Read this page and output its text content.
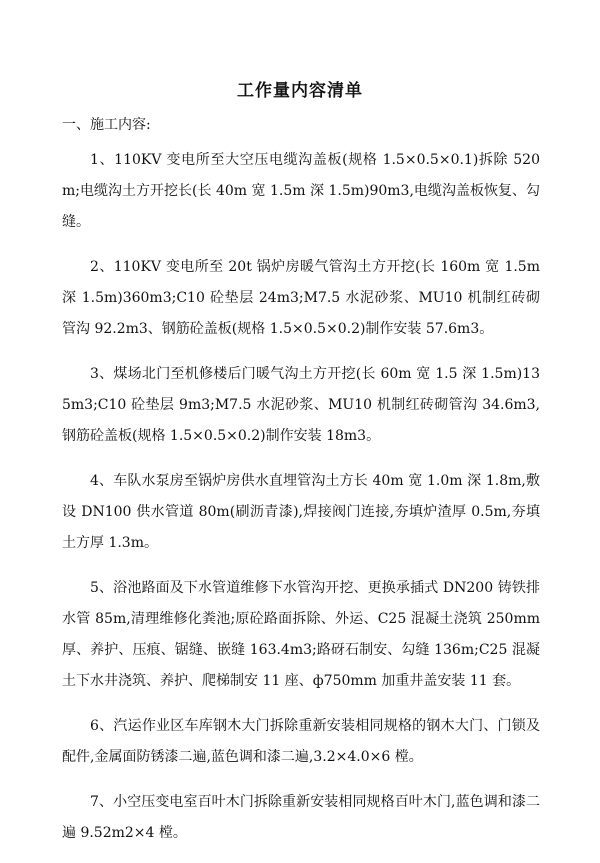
工作量内容清单
一、施工内容:

1、110KV 变电所至大空压电缆沟盖板(规格 1.5×0.5×0.1)拆除 520m;电缆沟土方开挖长(长 40m 宽 1.5m 深 1.5m)90m3,电缆沟盖板恢复、勾缝。

2、110KV 变电所至 20t 锅炉房暖气管沟土方开挖(长 160m 宽 1.5m 深 1.5m)360m3;C10 砼垫层 24m3;M7.5 水泥砂浆、MU10 机制红砖砌管沟 92.2m3、钢筋砼盖板(规格 1.5×0.5×0.2)制作安装 57.6m3。

3、煤场北门至机修楼后门暖气沟土方开挖(长 60m 宽 1.5 深 1.5m)135m3;C10 砼垫层 9m3;M7.5 水泥砂浆、MU10 机制红砖砌管沟 34.6m3,钢筋砼盖板(规格 1.5×0.5×0.2)制作安装 18m3。

4、车队水泵房至锅炉房供水直埋管沟土方长 40m 宽 1.0m 深 1.8m,敷设 DN100 供水管道 80m(刷沥青漆),焊接阀门连接,夯填炉渣厚 0.5m,夯填土方厚 1.3m。

5、浴池路面及下水管道维修下水管沟开挖、更换承插式 DN200 铸铁排水管 85m,清理维修化粪池;原砼路面拆除、外运、C25 混凝土浇筑 250mm 厚、养护、压痕、锯缝、嵌缝 163.4m3;路砑石制安、勾缝 136m;C25 混凝土下水井浇筑、养护、爬梯制安 11 座、ф750mm 加重井盖安装 11 套。

6、汽运作业区车库钢木大门拆除重新安装相同规格的钢木大门、门锁及配件,金属面防锈漆二遍,蓝色调和漆二遍,3.2×4.0×6 樘。

7、小空压变电室百叶木门拆除重新安装相同规格百叶木门,蓝色调和漆二遍 9.52m2×4 樘。
